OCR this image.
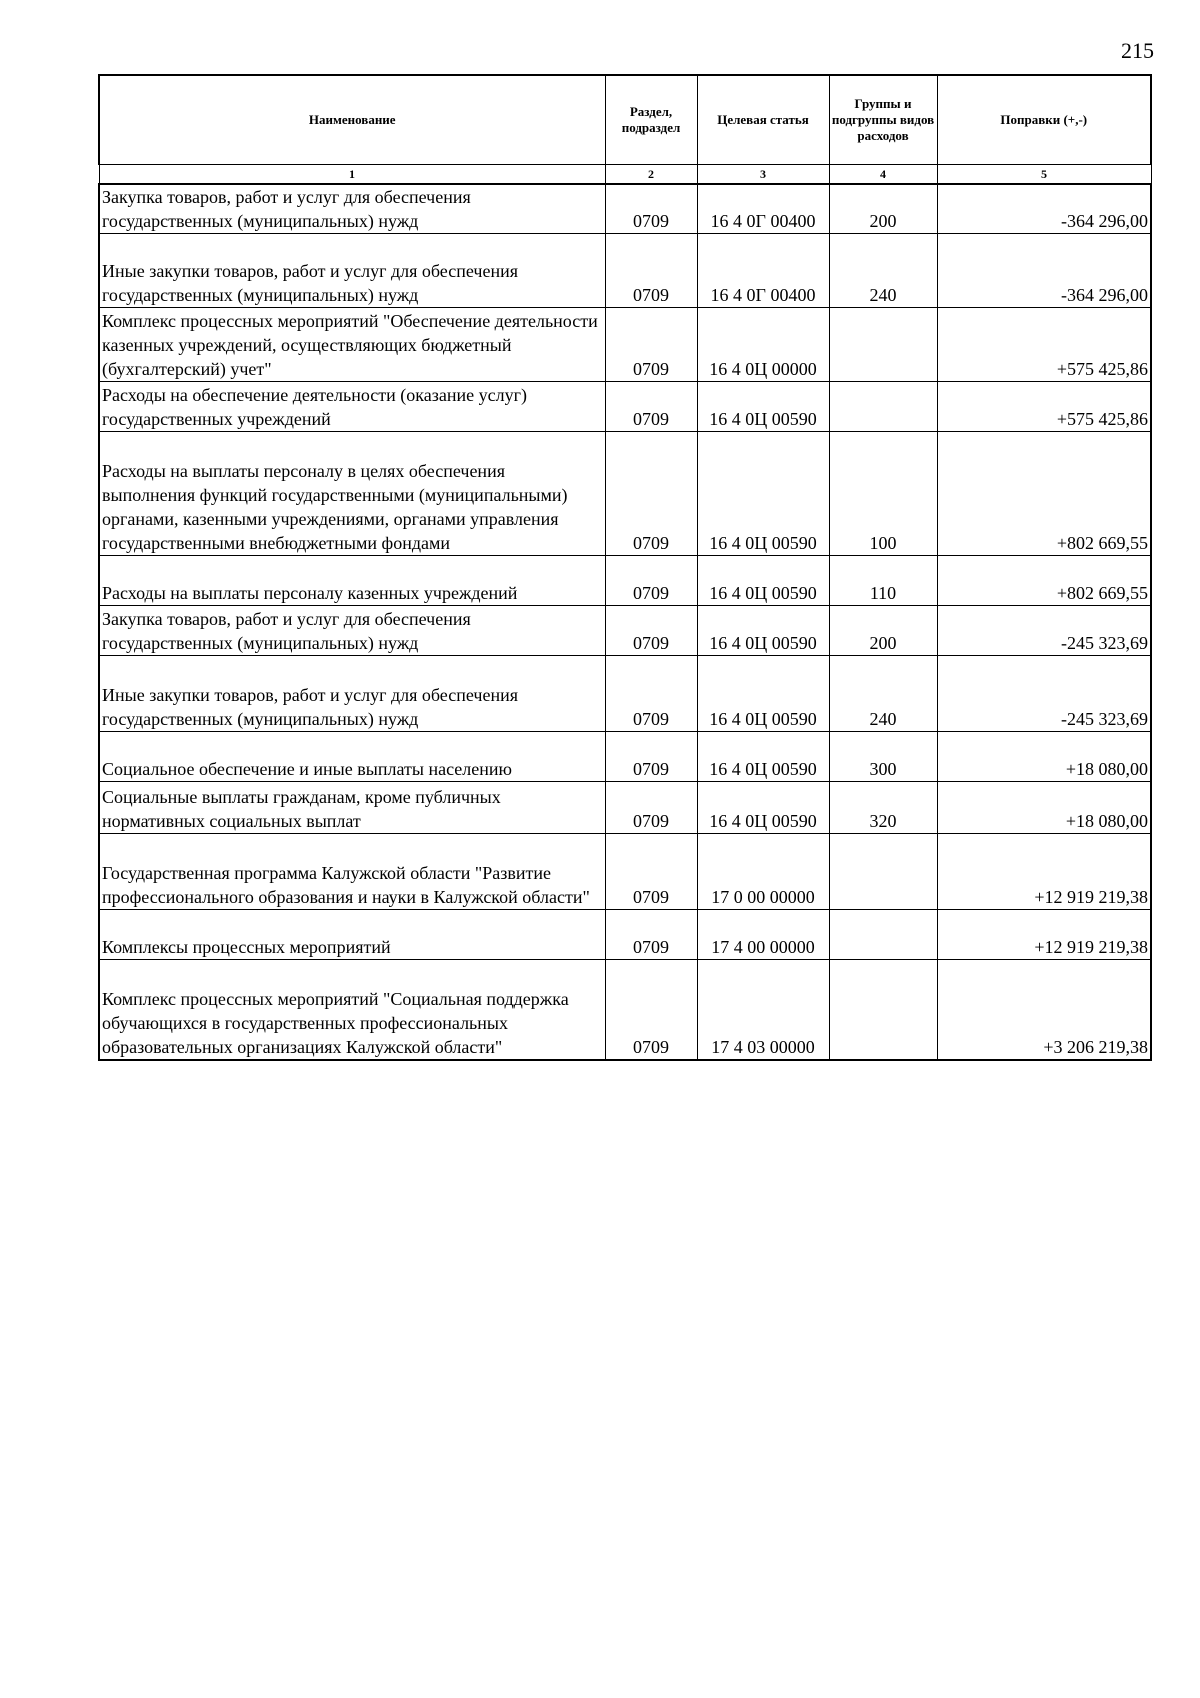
215
Наименование	Раздел, подраздел	Целевая статья	Группы и подгруппы видов расходов	Поправки (+,-)
1	2	3	4	5
Закупка товаров, работ и услуг для обеспечения государственных (муниципальных) нужд	0709	16 4 0Г 00400	200	-364 296,00
Иные закупки товаров, работ и услуг для обеспечения государственных (муниципальных) нужд	0709	16 4 0Г 00400	240	-364 296,00
Комплекс процессных мероприятий "Обеспечение деятельности казенных учреждений, осуществляющих бюджетный (бухгалтерский) учет"	0709	16 4 0Ц 00000		+575 425,86
Расходы на обеспечение деятельности (оказание услуг) государственных учреждений	0709	16 4 0Ц 00590		+575 425,86
Расходы на выплаты персоналу в целях обеспечения выполнения функций государственными (муниципальными) органами, казенными учреждениями, органами управления государственными внебюджетными фондами	0709	16 4 0Ц 00590	100	+802 669,55
Расходы на выплаты персоналу казенных учреждений	0709	16 4 0Ц 00590	110	+802 669,55
Закупка товаров, работ и услуг для обеспечения государственных (муниципальных) нужд	0709	16 4 0Ц 00590	200	-245 323,69
Иные закупки товаров, работ и услуг для обеспечения государственных (муниципальных) нужд	0709	16 4 0Ц 00590	240	-245 323,69
Социальное обеспечение и иные выплаты населению	0709	16 4 0Ц 00590	300	+18 080,00
Социальные выплаты гражданам, кроме публичных нормативных социальных выплат	0709	16 4 0Ц 00590	320	+18 080,00
Государственная программа Калужской области "Развитие профессионального образования и науки в Калужской области"	0709	17 0 00 00000		+12 919 219,38
Комплексы процессных мероприятий	0709	17 4 00 00000		+12 919 219,38
Комплекс процессных мероприятий "Социальная поддержка обучающихся в государственных профессиональных образовательных организациях Калужской области"	0709	17 4 03 00000		+3 206 219,38
